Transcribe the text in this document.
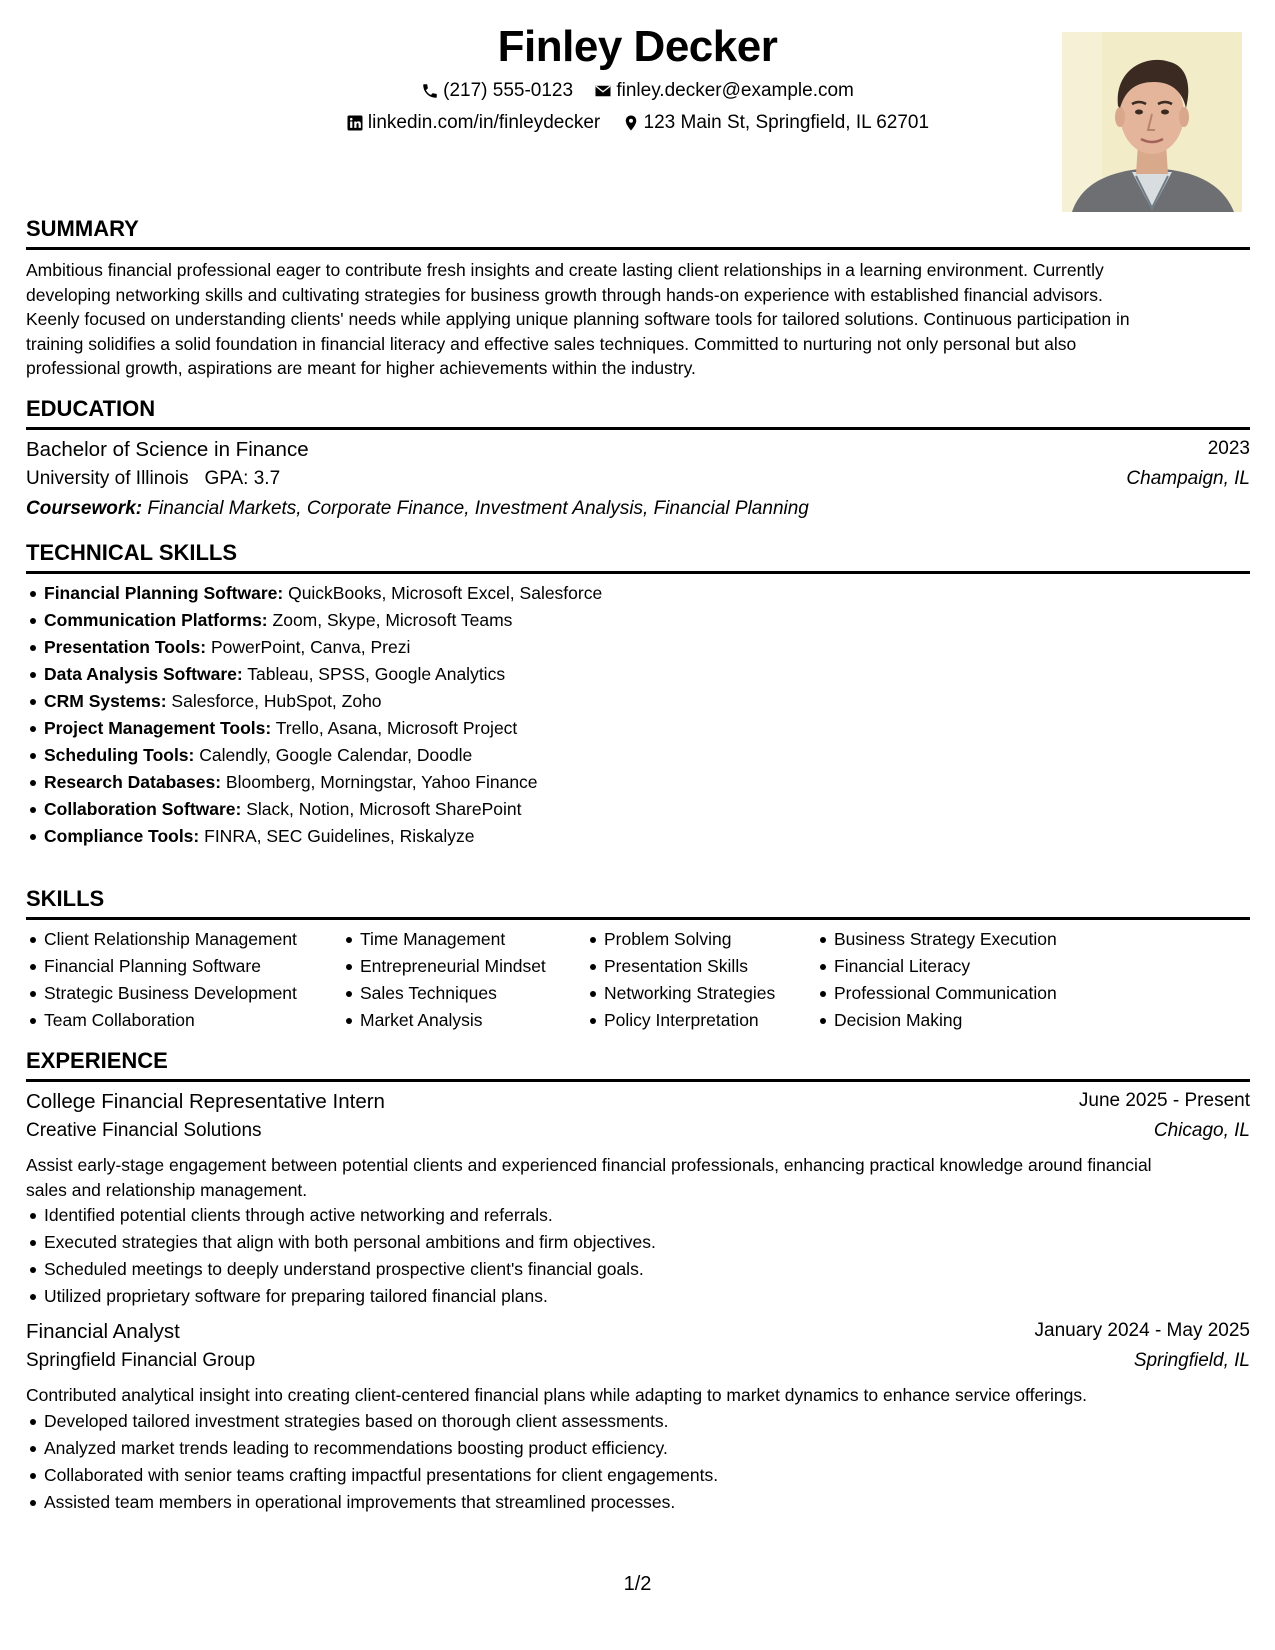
Finley Decker
(217) 555-0123
finley.decker@example.com
linkedin.com/in/finleydecker
123 Main St, Springfield, IL 62701
SUMMARY
Ambitious financial professional eager to contribute fresh insights and create lasting client relationships in a learning environment. Currently
developing networking skills and cultivating strategies for business growth through hands-on experience with established financial advisors.
Keenly focused on understanding clients' needs while applying unique planning software tools for tailored solutions. Continuous participation in
training solidifies a solid foundation in financial literacy and effective sales techniques. Committed to nurturing not only personal but also
professional growth, aspirations are meant for higher achievements within the industry.
EDUCATION
Bachelor of Science in Finance	2023
University of Illinois GPA: 3.7	Champaign, IL
Coursework: Financial Markets, Corporate Finance, Investment Analysis, Financial Planning
TECHNICAL SKILLS
Financial Planning Software: QuickBooks, Microsoft Excel, Salesforce
Communication Platforms: Zoom, Skype, Microsoft Teams
Presentation Tools: PowerPoint, Canva, Prezi
Data Analysis Software: Tableau, SPSS, Google Analytics
CRM Systems: Salesforce, HubSpot, Zoho
Project Management Tools: Trello, Asana, Microsoft Project
Scheduling Tools: Calendly, Google Calendar, Doodle
Research Databases: Bloomberg, Morningstar, Yahoo Finance
Collaboration Software: Slack, Notion, Microsoft SharePoint
Compliance Tools: FINRA, SEC Guidelines, Riskalyze
SKILLS
Client Relationship Management
Financial Planning Software
Strategic Business Development
Team Collaboration
Time Management
Entrepreneurial Mindset
Sales Techniques
Market Analysis
Problem Solving
Presentation Skills
Networking Strategies
Policy Interpretation
Business Strategy Execution
Financial Literacy
Professional Communication
Decision Making
EXPERIENCE
College Financial Representative Intern	June 2025 - Present
Creative Financial Solutions	Chicago, IL
Assist early-stage engagement between potential clients and experienced financial professionals, enhancing practical knowledge around financial
sales and relationship management.
Identified potential clients through active networking and referrals.
Executed strategies that align with both personal ambitions and firm objectives.
Scheduled meetings to deeply understand prospective client's financial goals.
Utilized proprietary software for preparing tailored financial plans.
Financial Analyst	January 2024 - May 2025
Springfield Financial Group	Springfield, IL
Contributed analytical insight into creating client-centered financial plans while adapting to market dynamics to enhance service offerings.
Developed tailored investment strategies based on thorough client assessments.
Analyzed market trends leading to recommendations boosting product efficiency.
Collaborated with senior teams crafting impactful presentations for client engagements.
Assisted team members in operational improvements that streamlined processes.
1/2
